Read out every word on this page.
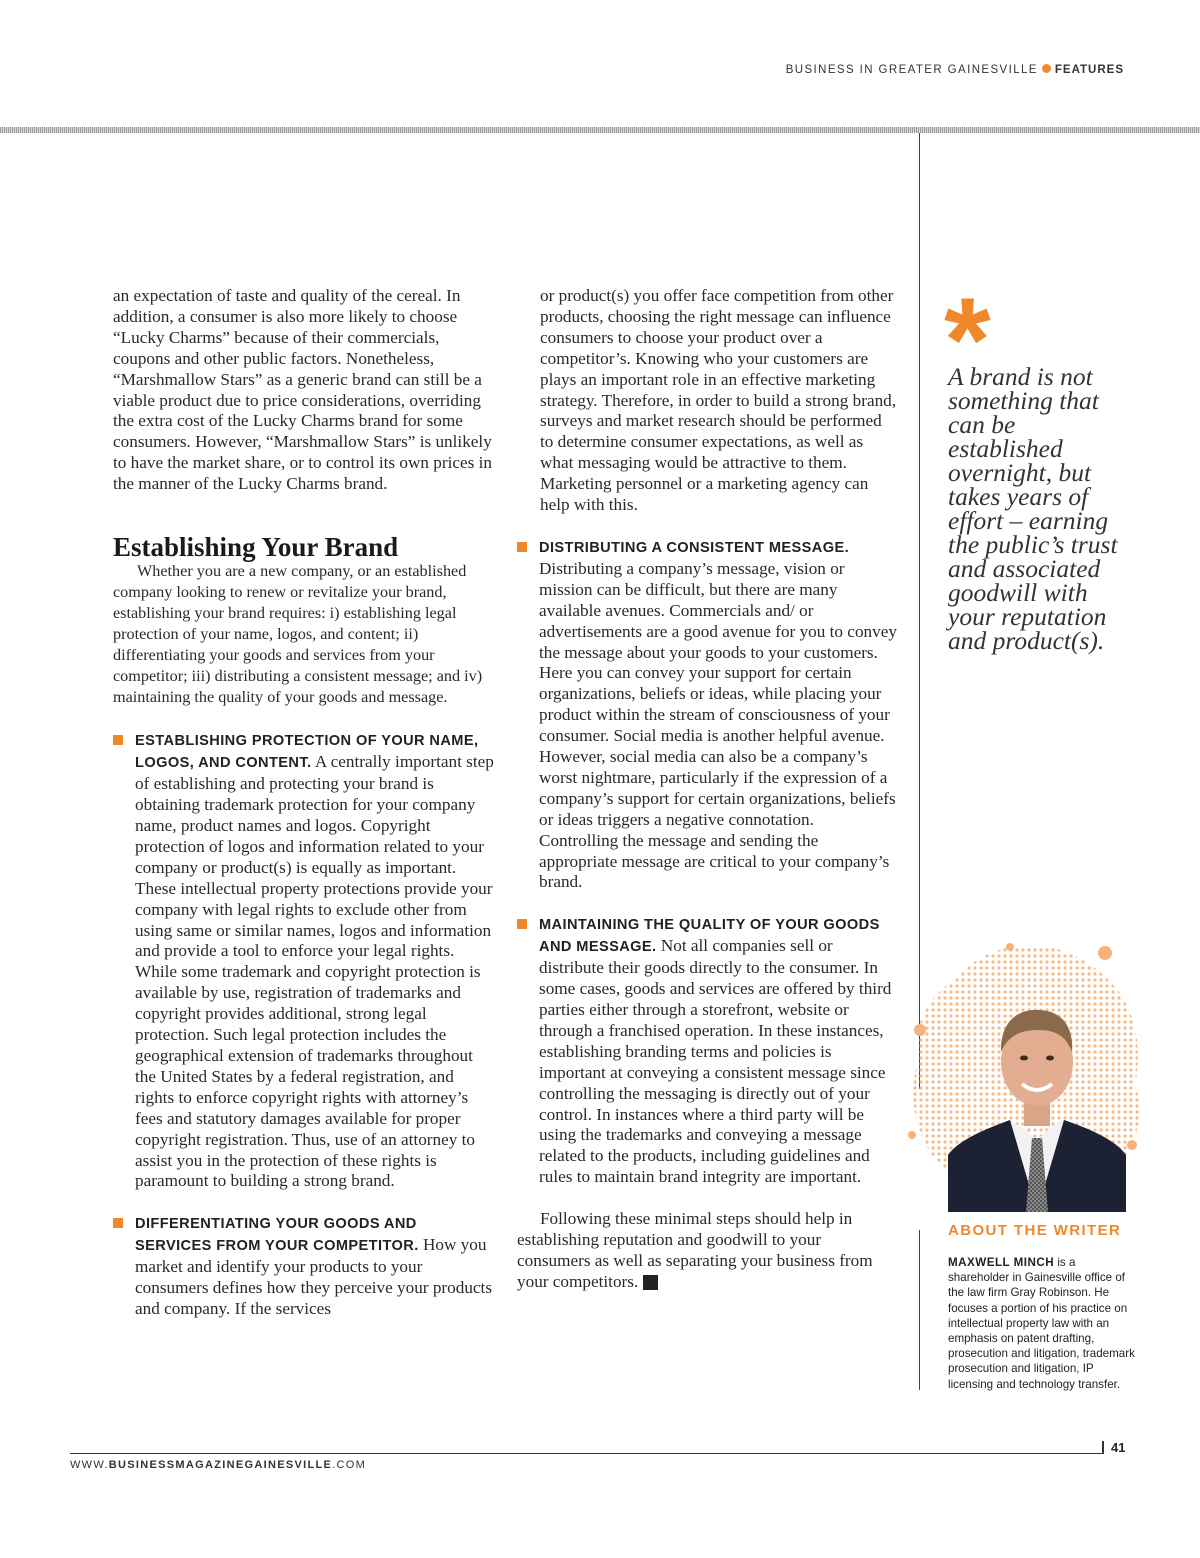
BUSINESS IN GREATER GAINESVILLE FEATURES

an expectation of taste and quality of the cereal. In addition, a consumer is also more likely to choose “Lucky Charms” because of their commercials, coupons and other public factors. Nonetheless, “Marshmallow Stars” as a generic brand can still be a viable product due to price considerations, overriding the extra cost of the Lucky Charms brand for some consumers. However, “Marshmallow Stars” is unlikely to have the market share, or to control its own prices in the manner of the Lucky Charms brand.

Establishing Your Brand

Whether you are a new company, or an established company looking to renew or revitalize your brand, establishing your brand requires: i) establishing legal protection of your name, logos, and content; ii) differentiating your goods and services from your competitor; iii) distributing a consistent message; and iv) maintaining the quality of your goods and message.

ESTABLISHING PROTECTION OF YOUR NAME, LOGOS, AND CONTENT. A centrally important step of establishing and protecting your brand is obtaining trademark protection for your company name, product names and logos. Copyright protection of logos and information related to your company or product(s) is equally as important. These intellectual property protections provide your company with legal rights to exclude other from using same or similar names, logos and information and provide a tool to enforce your legal rights. While some trademark and copyright protection is available by use, registration of trademarks and copyright provides additional, strong legal protection. Such legal protection includes the geographical extension of trademarks throughout the United States by a federal registration, and rights to enforce copyright rights with attorney’s fees and statutory damages available for proper copyright registration. Thus, use of an attorney to assist you in the protection of these rights is paramount to building a strong brand.

DIFFERENTIATING YOUR GOODS AND SERVICES FROM YOUR COMPETITOR. How you market and identify your products to your consumers defines how they perceive your products and company. If the services

or product(s) you offer face competition from other products, choosing the right message can influence consumers to choose your product over a competitor’s. Knowing who your customers are plays an important role in an effective marketing strategy. Therefore, in order to build a strong brand, surveys and market research should be performed to determine consumer expectations, as well as what messaging would be attractive to them. Marketing personnel or a marketing agency can help with this.

DISTRIBUTING A CONSISTENT MESSAGE. Distributing a company’s message, vision or mission can be difficult, but there are many available avenues. Commercials and/ or advertisements are a good avenue for you to convey the message about your goods to your customers. Here you can convey your support for certain organizations, beliefs or ideas, while placing your product within the stream of consciousness of your consumer. Social media is another helpful avenue. However, social media can also be a company’s worst nightmare, particularly if the expression of a company’s support for certain organizations, beliefs or ideas triggers a negative connotation. Controlling the message and sending the appropriate message are critical to your company’s brand.

MAINTAINING THE QUALITY OF YOUR GOODS AND MESSAGE. Not all companies sell or distribute their goods directly to the consumer. In some cases, goods and services are offered by third parties either through a storefront, website or through a franchised operation. In these instances, establishing branding terms and policies is important at conveying a consistent message since controlling the messaging is directly out of your control. In instances where a third party will be using the trademarks and conveying a message related to the products, including guidelines and rules to maintain brand integrity are important.

Following these minimal steps should help in establishing reputation and goodwill to your consumers as well as separating your business from your competitors. B

*
A brand is not something that can be established overnight, but takes years of effort – earning the public’s trust and associated goodwill with your reputation and product(s).
ABOUT THE WRITER
MAXWELL MINCH is a shareholder in Gainesville office of the law firm Gray Robinson. He focuses a portion of his practice on intellectual property law with an emphasis on patent drafting, prosecution and litigation, trademark prosecution and litigation, IP licensing and technology transfer.
41
WWW.BUSINESSMAGAZINEGAINESVILLE.COM
